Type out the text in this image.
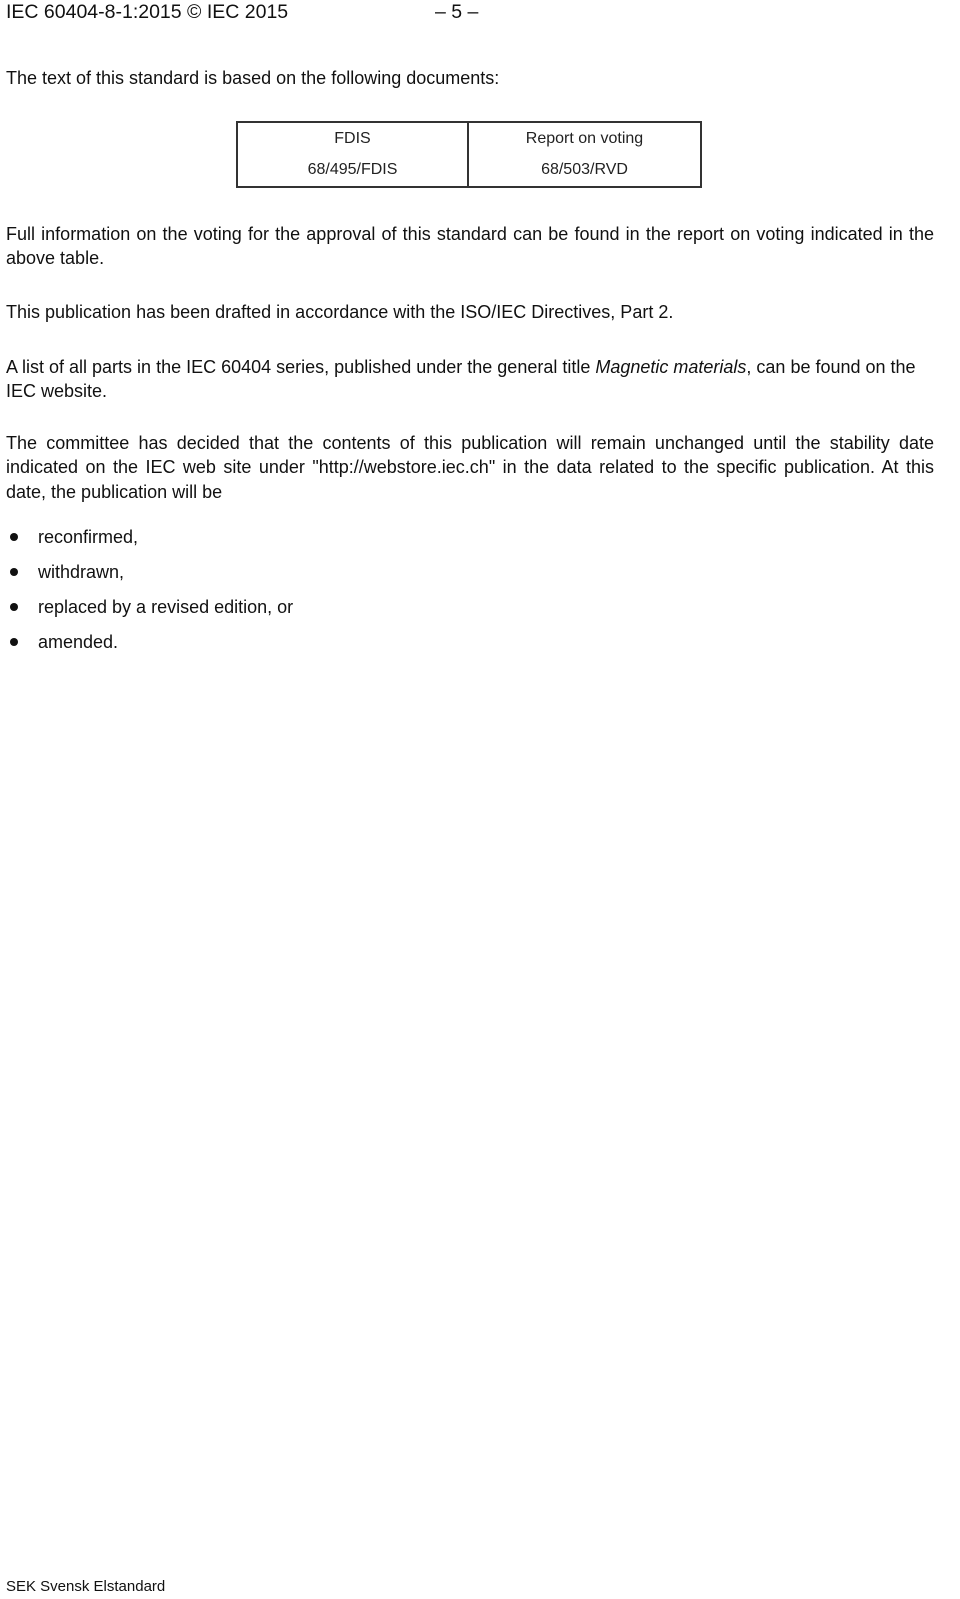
IEC 60404-8-1:2015 © IEC 2015	– 5 –

The text of this standard is based on the following documents:

FDIS	Report on voting
68/495/FDIS	68/503/RVD

Full information on the voting for the approval of this standard can be found in the report on voting indicated in the above table.

This publication has been drafted in accordance with the ISO/IEC Directives, Part 2.

A list of all parts in the IEC 60404 series, published under the general title Magnetic materials, can be found on the IEC website.

The committee has decided that the contents of this publication will remain unchanged until the stability date indicated on the IEC web site under "http://webstore.iec.ch" in the data related to the specific publication. At this date, the publication will be

reconfirmed,
withdrawn,
replaced by a revised edition, or
amended.
SEK Svensk Elstandard
